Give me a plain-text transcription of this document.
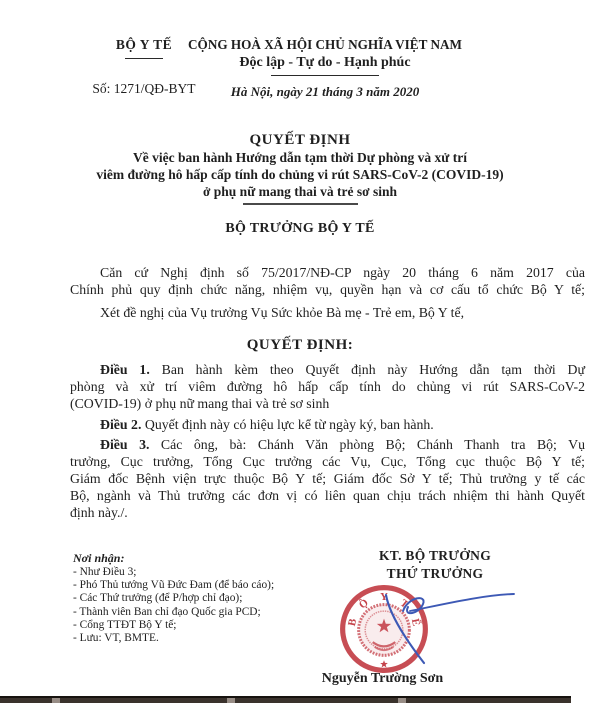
BỘ Y TẾ
Số: 1271/QĐ-BYT
CỘNG HOÀ XÃ HỘI CHỦ NGHĨA VIỆT NAM
Độc lập - Tự do - Hạnh phúc
Hà Nội, ngày 21 tháng 3 năm 2020
QUYẾT ĐỊNH
Về việc ban hành Hướng dẫn tạm thời Dự phòng và xử trí
viêm đường hô hấp cấp tính do chủng vi rút SARS-CoV-2 (COVID-19)
ở phụ nữ mang thai và trẻ sơ sinh
BỘ TRƯỞNG BỘ Y TẾ
Căn cứ Nghị định số 75/2017/NĐ-CP ngày 20 tháng 6 năm 2017 của
Chính phủ quy định chức năng, nhiệm vụ, quyền hạn và cơ cấu tổ chức Bộ Y tế;
Xét đề nghị của Vụ trưởng Vụ Sức khỏe Bà mẹ - Trẻ em, Bộ Y tế,
QUYẾT ĐỊNH:
Điều 1. Ban hành kèm theo Quyết định này Hướng dẫn tạm thời Dự
phòng và xử trí viêm đường hô hấp cấp tính do chủng vi rút SARS-CoV-2
(COVID-19) ở phụ nữ mang thai và trẻ sơ sinh
Điều 2. Quyết định này có hiệu lực kể từ ngày ký, ban hành.
Điều 3. Các ông, bà: Chánh Văn phòng Bộ; Chánh Thanh tra Bộ; Vụ
trưởng, Cục trưởng, Tổng Cục trưởng các Vụ, Cục, Tổng cục thuộc Bộ Y tế;
Giám đốc Bệnh viện trực thuộc Bộ Y tế; Giám đốc Sở Y tế; Thủ trưởng y tế các
Bộ, ngành và Thủ trưởng các đơn vị có liên quan chịu trách nhiệm thi hành Quyết
định này./.
Nơi nhận:
- Như Điều 3;
- Phó Thủ tướng Vũ Đức Đam (để báo cáo);
- Các Thứ trưởng (để P/hợp chỉ đạo);
- Thành viên Ban chỉ đạo Quốc gia PCD;
- Cổng TTĐT Bộ Y tế;
- Lưu: VT, BMTE.
KT. BỘ TRƯỞNG
THỨ TRƯỞNG
B
Ộ Y
T
Ế
Nguyễn Trường Sơn
